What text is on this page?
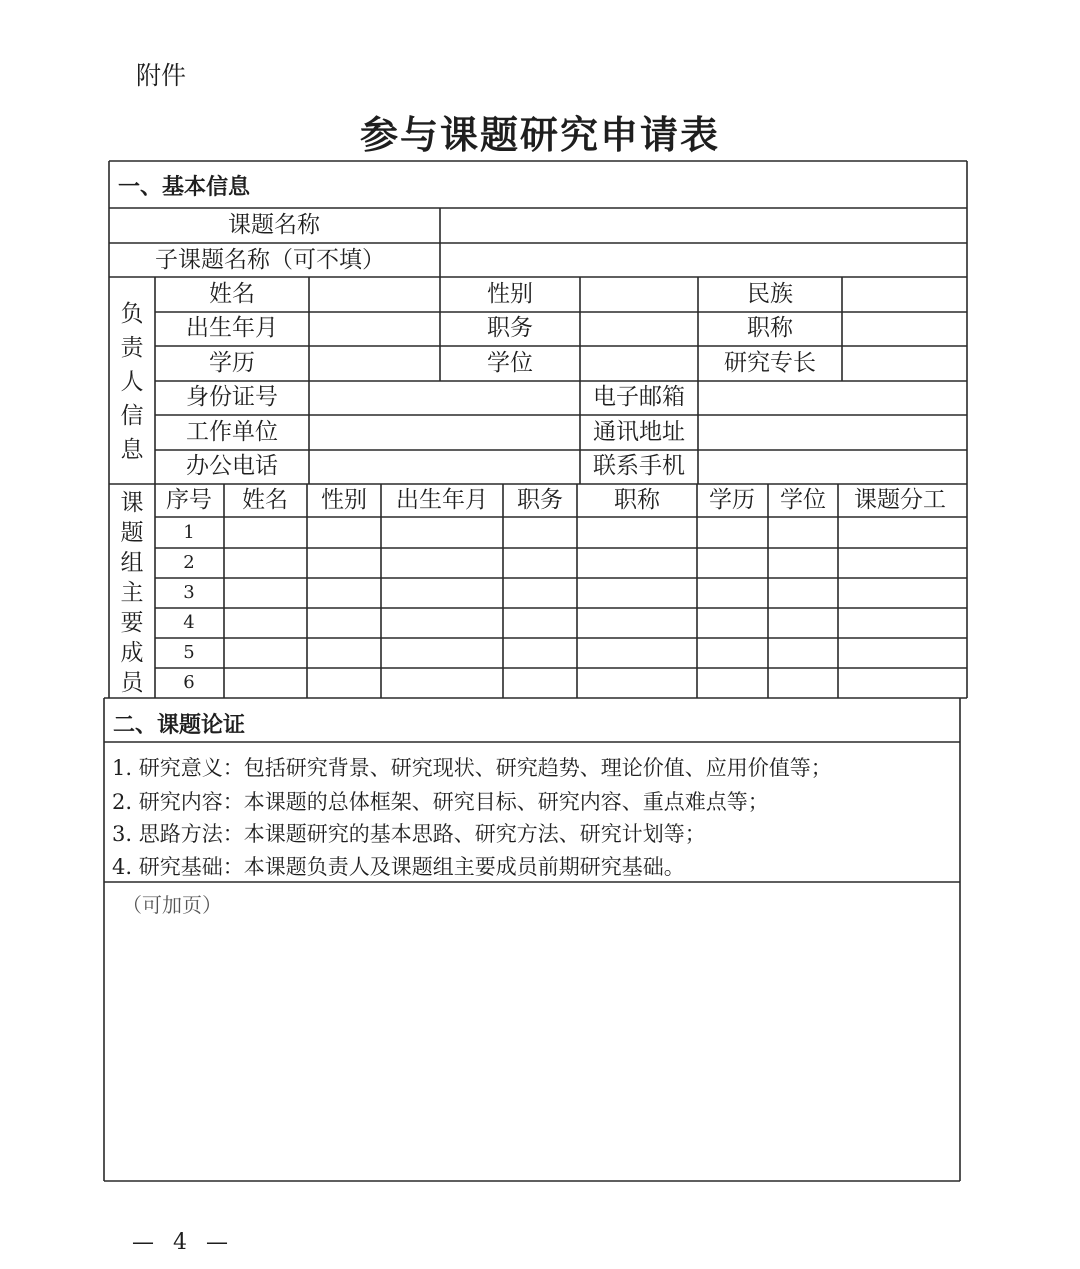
附件
参与课题研究申请表
一、基本信息
课题名称
子课题名称（可不填）
负责人信息
姓名	性别	民族
出生年月	职务	职称
学历	学位	研究专长
身份证号	电子邮箱
工作单位	通讯地址
办公电话	联系手机
课题组主要成员
序号 姓名 性别 出生年月 职务 职称 学历 学位 课题分工
1
2
3
4
5
6
二、课题论证
1. 研究意义：包括研究背景、研究现状、研究趋势、理论价值、应用价值等；
2. 研究内容：本课题的总体框架、研究目标、研究内容、重点难点等；
3. 思路方法：本课题研究的基本思路、研究方法、研究计划等；
4. 研究基础：本课题负责人及课题组主要成员前期研究基础。
（可加页）
— 4 —
